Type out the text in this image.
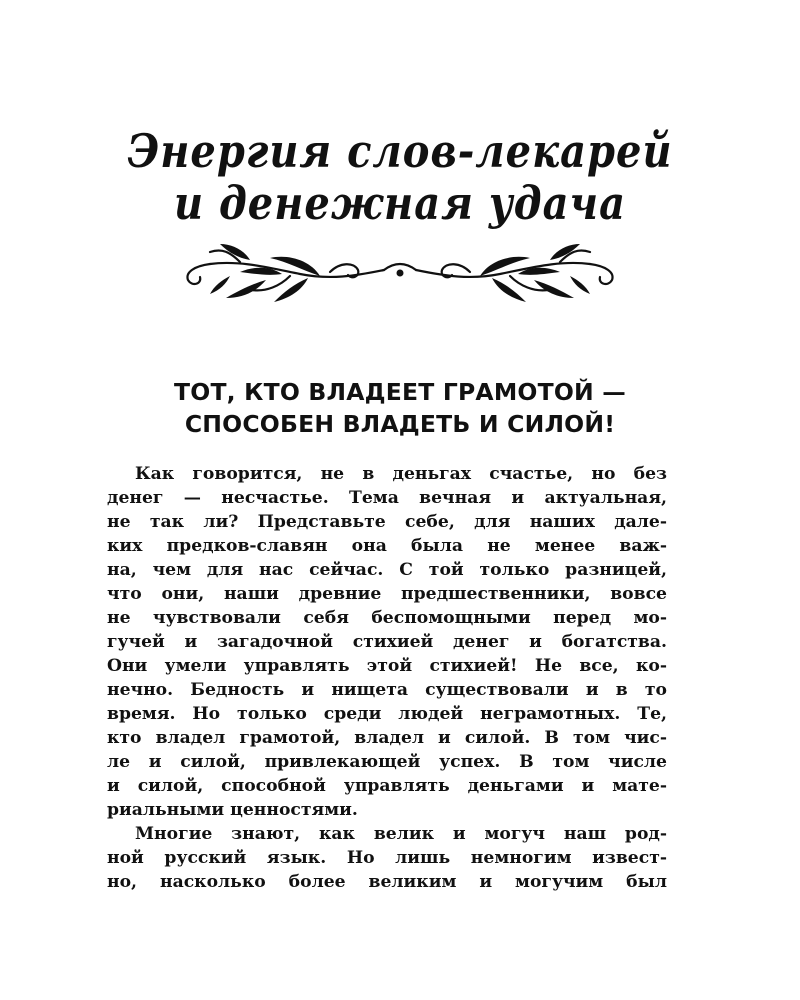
Энергия слов-лекарей
и денежная удача
ТОТ, КТО ВЛАДЕЕТ ГРАМОТОЙ —
СПОСОБЕН ВЛАДЕТЬ И СИЛОЙ!
Как говорится, не в деньгах счастье, но без
денег — несчастье. Тема вечная и актуальная,
не так ли? Представьте себе, для наших дале-
ких предков-славян она была не менее важ-
на, чем для нас сейчас. С той только разницей,
что они, наши древние предшественники, вовсе
не чувствовали себя беспомощными перед мо-
гучей и загадочной стихией денег и богатства.
Они умели управлять этой стихией! Не все, ко-
нечно. Бедность и нищета существовали и в то
время. Но только среди людей неграмотных. Те,
кто владел грамотой, владел и силой. В том чис-
ле и силой, привлекающей успех. В том числе
и силой, способной управлять деньгами и мате-
риальными ценностями.
Многие знают, как велик и могуч наш род-
ной русский язык. Но лишь немногим извест-
но, насколько более великим и могучим был
